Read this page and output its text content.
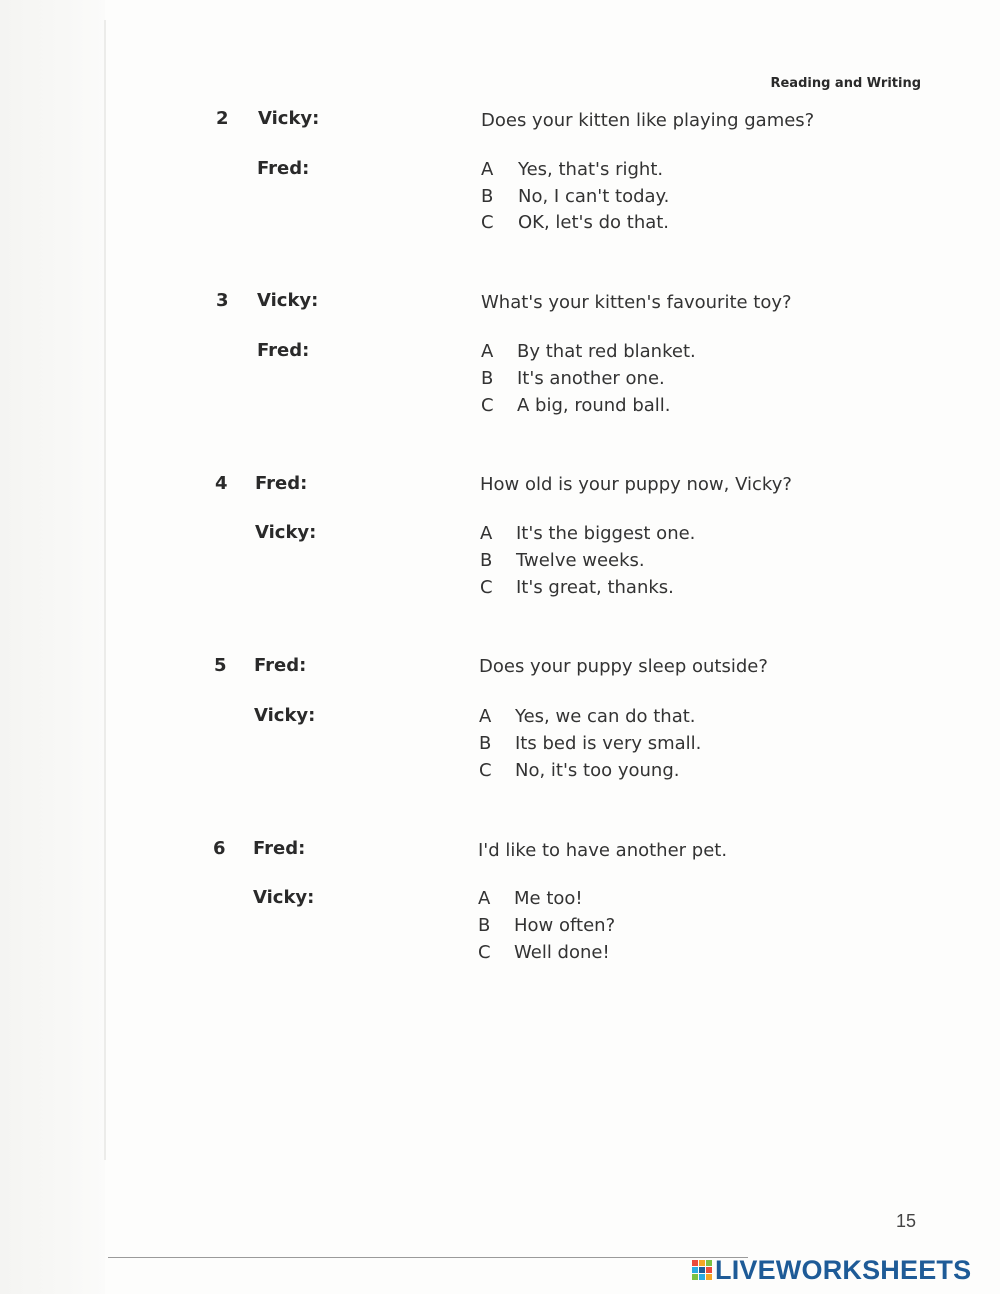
Reading and Writing
2 Vicky:	Does your kitten like playing games?
Fred:	A Yes, that's right.
B No, I can't today.
C OK, let's do that.
3 Vicky:	What's your kitten's favourite toy?
Fred:	A By that red blanket.
B It's another one.
C A big, round ball.
4 Fred:	How old is your puppy now, Vicky?
Vicky:	A It's the biggest one.
B Twelve weeks.
C It's great, thanks.
5 Fred:	Does your puppy sleep outside?
Vicky:	A Yes, we can do that.
B Its bed is very small.
C No, it's too young.
6 Fred:	I'd like to have another pet.
Vicky:	A Me too!
B How often?
C Well done!
15
LIVEWORKSHEETS
